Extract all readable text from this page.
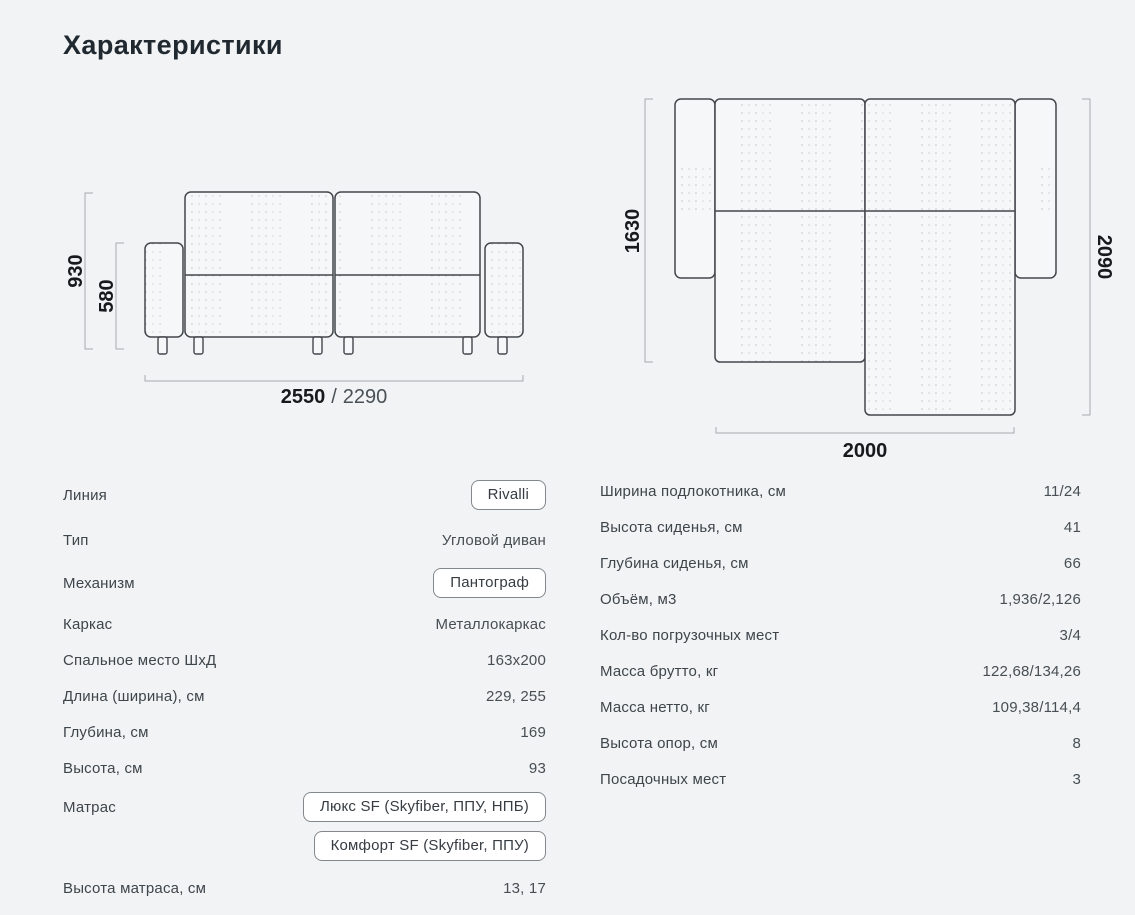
Характеристики
930
580
2550 / 2290
1630
2090
2000
Линия	Rivalli
Тип	Угловой диван
Механизм	Пантограф
Каркас	Металлокаркас
Спальное место ШхД	163х200
Длина (ширина), см	229, 255
Глубина, см	169
Высота, см	93
Матрас	Люкс SF (Skyfiber, ППУ, НПБ)
Комфорт SF (Skyfiber, ППУ)
Высота матраса, см	13, 17
Ширина подлокотника, см	11/24
Высота сиденья, см	41
Глубина сиденья, см	66
Объём, м3	1,936/2,126
Кол-во погрузочных мест	3/4
Масса брутто, кг	122,68/134,26
Масса нетто, кг	109,38/114,4
Высота опор, см	8
Посадочных мест	3
